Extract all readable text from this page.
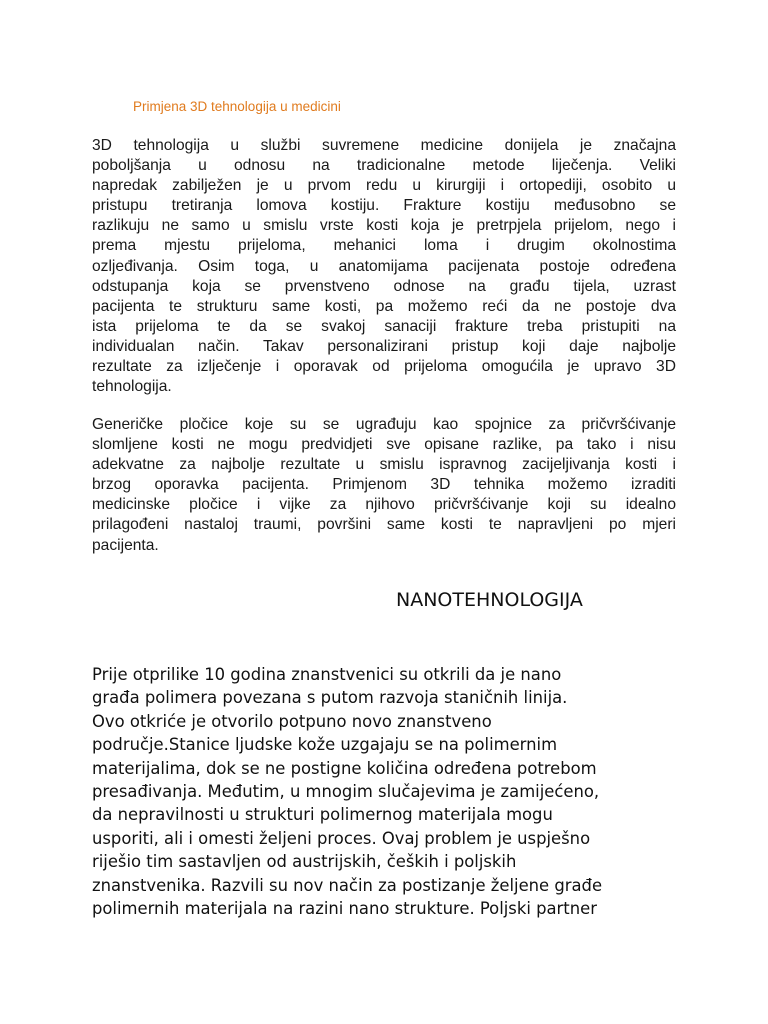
Primjena 3D tehnologija u medicini

3D tehnologija u službi suvremene medicine donijela je značajna
poboljšanja u odnosu na tradicionalne metode liječenja. Veliki
napredak zabilježen je u prvom redu u kirurgiji i ortopediji, osobito u
pristupu tretiranja lomova kostiju. Frakture kostiju međusobno se
razlikuju ne samo u smislu vrste kosti koja je pretrpjela prijelom, nego i
prema mjestu prijeloma, mehanici loma i drugim okolnostima
ozljeđivanja. Osim toga, u anatomijama pacijenata postoje određena
odstupanja koja se prvenstveno odnose na građu tijela, uzrast
pacijenta te strukturu same kosti, pa možemo reći da ne postoje dva
ista prijeloma te da se svakoj sanaciji frakture treba pristupiti na
individualan način. Takav personalizirani pristup koji daje najbolje
rezultate za izlječenje i oporavak od prijeloma omogućila je upravo 3D
tehnologija.

Generičke pločice koje su se ugrađuju kao spojnice za pričvršćivanje
slomljene kosti ne mogu predvidjeti sve opisane razlike, pa tako i nisu
adekvatne za najbolje rezultate u smislu ispravnog zacijeljivanja kosti i
brzog oporavka pacijenta. Primjenom 3D tehnika možemo izraditi
medicinske pločice i vijke za njihovo pričvršćivanje koji su idealno
prilagođeni nastaloj traumi, površini same kosti te napravljeni po mjeri
pacijenta.

NANOTEHNOLOGIJA

Prije otprilike 10 godina znanstvenici su otkrili da je nano
građa polimera povezana s putom razvoja staničnih linija.
Ovo otkriće je otvorilo potpuno novo znanstveno
područje.Stanice ljudske kože uzgajaju se na polimernim
materijalima, dok se ne postigne količina određena potrebom
presađivanja. Međutim, u mnogim slučajevima je zamijećeno,
da nepravilnosti u strukturi polimernog materijala mogu
usporiti, ali i omesti željeni proces. Ovaj problem je uspješno
riješio tim sastavljen od austrijskih, čeških i poljskih
znanstvenika. Razvili su nov način za postizanje željene građe
polimernih materijala na razini nano strukture. Poljski partner
